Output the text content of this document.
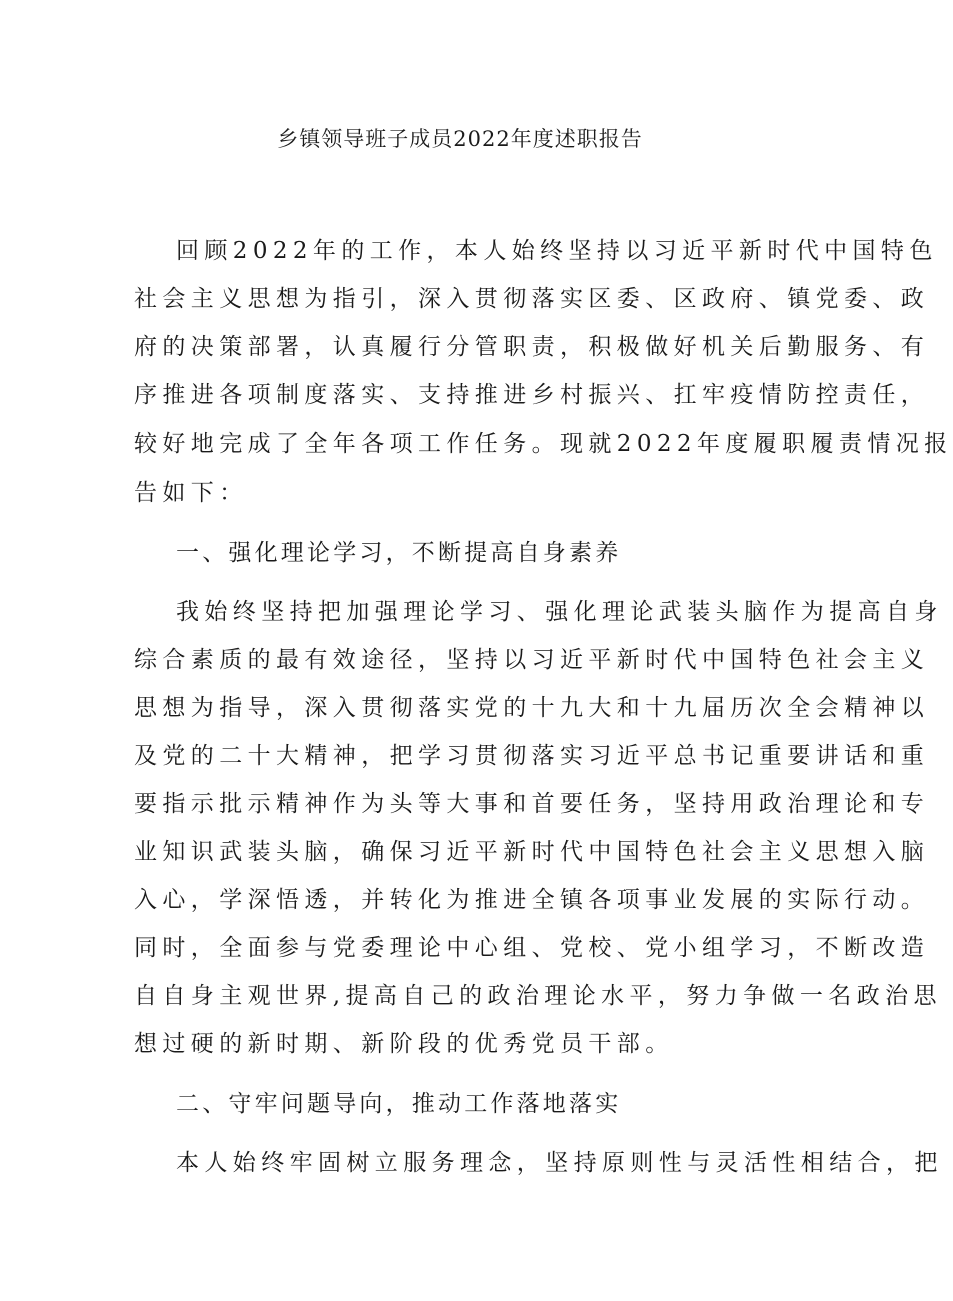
乡镇领导班子成员2022年度述职报告
回顾2022年的工作，本人始终坚持以习近平新时代中国特色
社会主义思想为指引，深入贯彻落实区委、区政府、镇党委、政
府的决策部署，认真履行分管职责，积极做好机关后勤服务、有
序推进各项制度落实、支持推进乡村振兴、扛牢疫情防控责任，
较好地完成了全年各项工作任务。现就2022年度履职履责情况报
告如下：
一、强化理论学习，不断提高自身素养
我始终坚持把加强理论学习、强化理论武装头脑作为提高自身
综合素质的最有效途径，坚持以习近平新时代中国特色社会主义
思想为指导，深入贯彻落实党的十九大和十九届历次全会精神以
及党的二十大精神，把学习贯彻落实习近平总书记重要讲话和重
要指示批示精神作为头等大事和首要任务，坚持用政治理论和专
业知识武装头脑，确保习近平新时代中国特色社会主义思想入脑
入心，学深悟透，并转化为推进全镇各项事业发展的实际行动。
同时，全面参与党委理论中心组、党校、党小组学习，不断改造
自自身主观世界,提高自己的政治理论水平，努力争做一名政治思
想过硬的新时期、新阶段的优秀党员干部。
二、守牢问题导向，推动工作落地落实
本人始终牢固树立服务理念，坚持原则性与灵活性相结合，把
